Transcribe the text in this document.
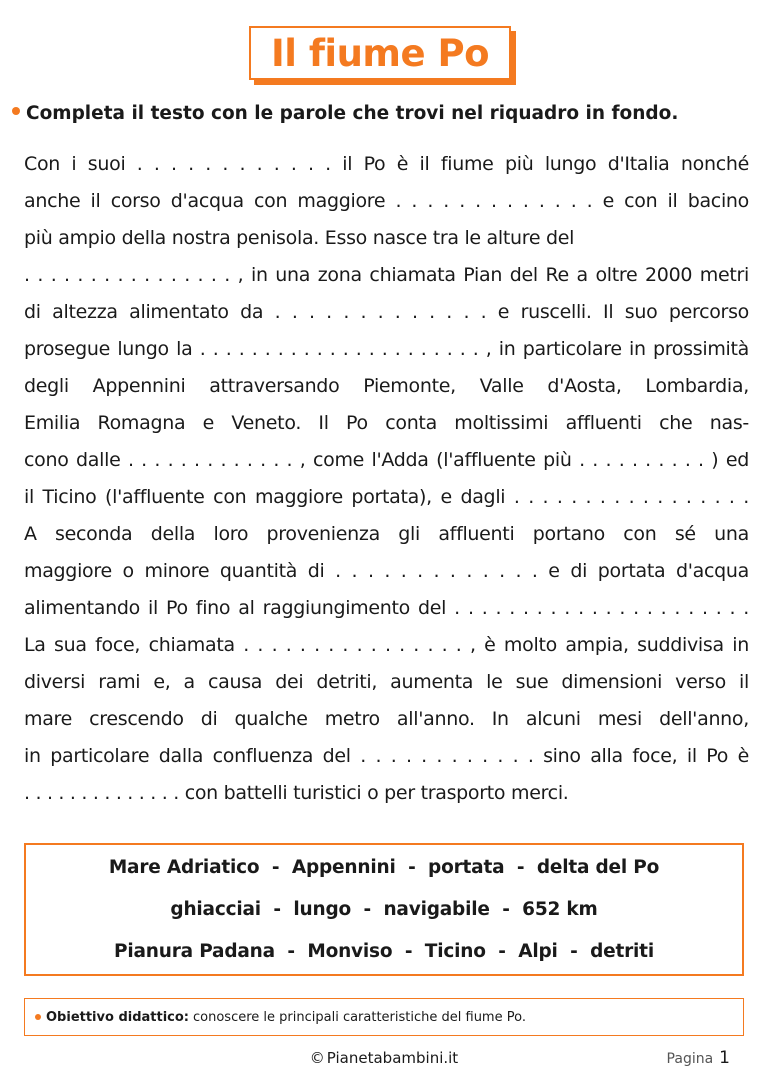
Il fiume Po
Completa il testo con le parole che trovi nel riquadro in fondo.
Con i suoi . . . . . . . . . . . . il Po è il fiume più lungo d'Italia nonché
anche il corso d'acqua con maggiore . . . . . . . . . . . . . e con il bacino
più ampio della nostra penisola. Esso nasce tra le alture del
. . . . . . . . . . . . . . . . , in una zona chiamata Pian del Re a oltre 2000 metri
di altezza alimentato da . . . . . . . . . . . . . e ruscelli. Il suo percorso
prosegue lungo la . . . . . . . . . . . . . . . . . . . . . . , in particolare in prossimità
degli Appennini attraversando Piemonte, Valle d'Aosta, Lombardia,
Emilia Romagna e Veneto. Il Po conta moltissimi affluenti che nas-
cono dalle . . . . . . . . . . . . . , come l'Adda (l'affluente più . . . . . . . . . . ) ed
il Ticino (l'affluente con maggiore portata), e dagli . . . . . . . . . . . . . . . . .
A seconda della loro provenienza gli affluenti portano con sé una
maggiore o minore quantità di . . . . . . . . . . . . . e di portata d'acqua
alimentando il Po fino al raggiungimento del . . . . . . . . . . . . . . . . . . . . . .
La sua foce, chiamata . . . . . . . . . . . . . . . . , è molto ampia, suddivisa in
diversi rami e, a causa dei detriti, aumenta le sue dimensioni verso il
mare crescendo di qualche metro all'anno. In alcuni mesi dell'anno,
in particolare dalla confluenza del . . . . . . . . . . . . sino alla foce, il Po è
. . . . . . . . . . . . . . con battelli turistici o per trasporto merci.
Mare Adriatico  -  Appennini  -  portata  -  delta del Po
ghiacciai  -  lungo  -  navigabile  -  652 km
Pianura Padana  -  Monviso  -  Ticino  -  Alpi  -  detriti
Obiettivo didattico: conoscere le principali caratteristiche del fiume Po.
© Pianetabambini.it	Pagina 1
